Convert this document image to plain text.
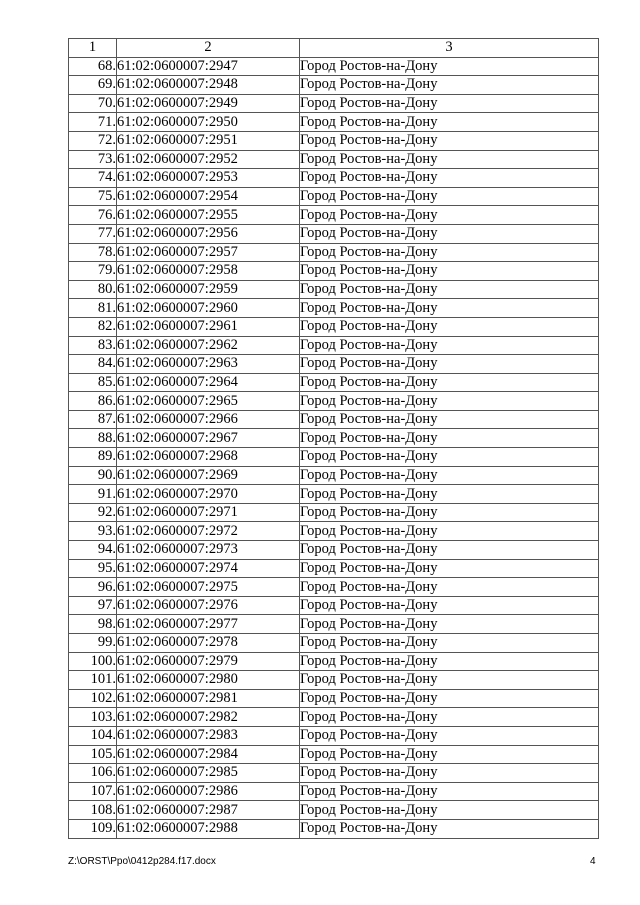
1	2	3
68.	61:02:0600007:2947	Город Ростов-на-Дону
69.	61:02:0600007:2948	Город Ростов-на-Дону
70.	61:02:0600007:2949	Город Ростов-на-Дону
71.	61:02:0600007:2950	Город Ростов-на-Дону
72.	61:02:0600007:2951	Город Ростов-на-Дону
73.	61:02:0600007:2952	Город Ростов-на-Дону
74.	61:02:0600007:2953	Город Ростов-на-Дону
75.	61:02:0600007:2954	Город Ростов-на-Дону
76.	61:02:0600007:2955	Город Ростов-на-Дону
77.	61:02:0600007:2956	Город Ростов-на-Дону
78.	61:02:0600007:2957	Город Ростов-на-Дону
79.	61:02:0600007:2958	Город Ростов-на-Дону
80.	61:02:0600007:2959	Город Ростов-на-Дону
81.	61:02:0600007:2960	Город Ростов-на-Дону
82.	61:02:0600007:2961	Город Ростов-на-Дону
83.	61:02:0600007:2962	Город Ростов-на-Дону
84.	61:02:0600007:2963	Город Ростов-на-Дону
85.	61:02:0600007:2964	Город Ростов-на-Дону
86.	61:02:0600007:2965	Город Ростов-на-Дону
87.	61:02:0600007:2966	Город Ростов-на-Дону
88.	61:02:0600007:2967	Город Ростов-на-Дону
89.	61:02:0600007:2968	Город Ростов-на-Дону
90.	61:02:0600007:2969	Город Ростов-на-Дону
91.	61:02:0600007:2970	Город Ростов-на-Дону
92.	61:02:0600007:2971	Город Ростов-на-Дону
93.	61:02:0600007:2972	Город Ростов-на-Дону
94.	61:02:0600007:2973	Город Ростов-на-Дону
95.	61:02:0600007:2974	Город Ростов-на-Дону
96.	61:02:0600007:2975	Город Ростов-на-Дону
97.	61:02:0600007:2976	Город Ростов-на-Дону
98.	61:02:0600007:2977	Город Ростов-на-Дону
99.	61:02:0600007:2978	Город Ростов-на-Дону
100.	61:02:0600007:2979	Город Ростов-на-Дону
101.	61:02:0600007:2980	Город Ростов-на-Дону
102.	61:02:0600007:2981	Город Ростов-на-Дону
103.	61:02:0600007:2982	Город Ростов-на-Дону
104.	61:02:0600007:2983	Город Ростов-на-Дону
105.	61:02:0600007:2984	Город Ростов-на-Дону
106.	61:02:0600007:2985	Город Ростов-на-Дону
107.	61:02:0600007:2986	Город Ростов-на-Дону
108.	61:02:0600007:2987	Город Ростов-на-Дону
109.	61:02:0600007:2988	Город Ростов-на-Дону
Z:\ORST\Ppo\0412p284.f17.docx	4
